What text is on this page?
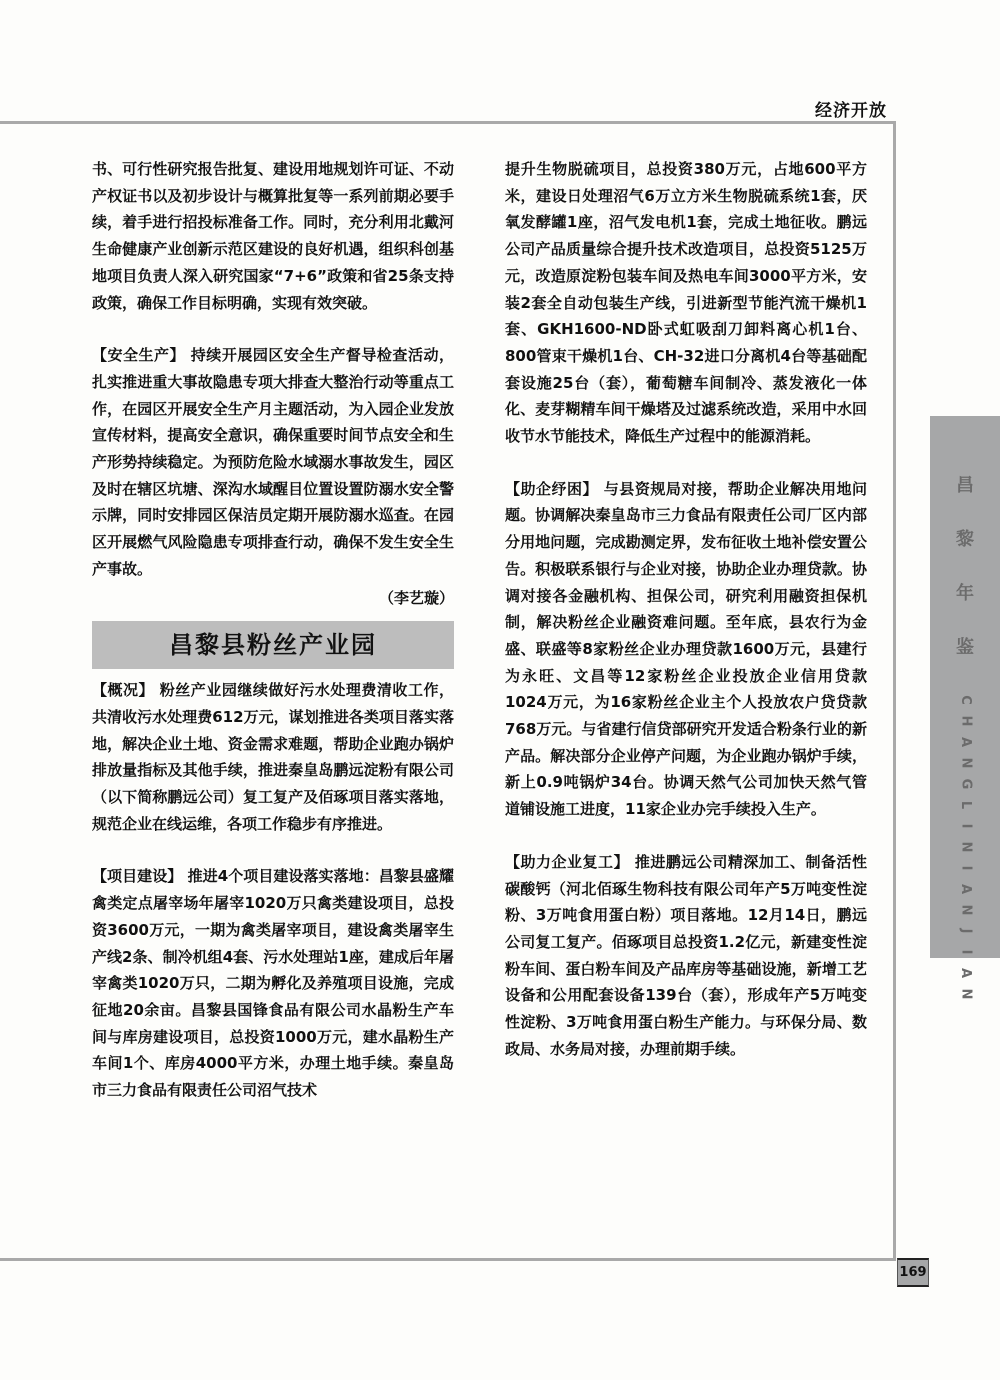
经济开放

书、可行性研究报告批复、建设用地规划许可证、不动产权证书以及初步设计与概算批复等一系列前期必要手续，着手进行招投标准备工作。同时，充分利用北戴河生命健康产业创新示范区建设的良好机遇，组织科创基地项目负责人深入研究国家“7+6”政策和省25条支持政策，确保工作目标明确，实现有效突破。

【安全生产】 持续开展园区安全生产督导检查活动，扎实推进重大事故隐患专项大排查大整治行动等重点工作，在园区开展安全生产月主题活动，为入园企业发放宣传材料，提高安全意识，确保重要时间节点安全和生产形势持续稳定。为预防危险水域溺水事故发生，园区及时在辖区坑塘、深沟水域醒目位置设置防溺水安全警示牌，同时安排园区保洁员定期开展防溺水巡查。在园区开展燃气风险隐患专项排查行动，确保不发生安全生产事故。

（李艺璇）

昌黎县粉丝产业园

【概况】 粉丝产业园继续做好污水处理费清收工作，共清收污水处理费612万元，谋划推进各类项目落实落地，解决企业土地、资金需求难题，帮助企业跑办锅炉排放量指标及其他手续，推进秦皇岛鹏远淀粉有限公司（以下简称鹏远公司）复工复产及佰琢项目落实落地，规范企业在线运维，各项工作稳步有序推进。

【项目建设】 推进4个项目建设落实落地：昌黎县盛耀禽类定点屠宰场年屠宰1020万只禽类建设项目，总投资3600万元，一期为禽类屠宰项目，建设禽类屠宰生产线2条、制冷机组4套、污水处理站1座，建成后年屠宰禽类1020万只，二期为孵化及养殖项目设施，完成征地20余亩。昌黎县国锋食品有限公司水晶粉生产车间与库房建设项目，总投资1000万元，建水晶粉生产车间1个、库房4000平方米，办理土地手续。秦皇岛市三力食品有限责任公司沼气技术

提升生物脱硫项目，总投资380万元，占地600平方米，建设日处理沼气6万立方米生物脱硫系统1套，厌氧发酵罐1座，沼气发电机1套，完成土地征收。鹏远公司产品质量综合提升技术改造项目，总投资5125万元，改造原淀粉包装车间及热电车间3000平方米，安装2套全自动包装生产线，引进新型节能汽流干燥机1套、GKH1600-ND卧式虹吸刮刀卸料离心机1台、800管束干燥机1台、CH-32进口分离机4台等基础配套设施25台（套），葡萄糖车间制冷、蒸发液化一体化、麦芽糊精车间干燥塔及过滤系统改造，采用中水回收节水节能技术，降低生产过程中的能源消耗。

【助企纾困】 与县资规局对接，帮助企业解决用地问题。协调解决秦皇岛市三力食品有限责任公司厂区内部分用地问题，完成勘测定界，发布征收土地补偿安置公告。积极联系银行与企业对接，协助企业办理贷款。协调对接各金融机构、担保公司，研究利用融资担保机制，解决粉丝企业融资难问题。至年底，县农行为金盛、联盛等8家粉丝企业办理贷款1600万元，县建行为永旺、文昌等12家粉丝企业投放企业信用贷款1024万元，为16家粉丝企业主个人投放农户贷贷款768万元。与省建行信贷部研究开发适合粉条行业的新产品。解决部分企业停产问题，为企业跑办锅炉手续，新上0.9吨锅炉34台。协调天然气公司加快天然气管道铺设施工进度，11家企业办完手续投入生产。

【助力企业复工】 推进鹏远公司精深加工、制备活性碳酸钙（河北佰琢生物科技有限公司年产5万吨变性淀粉、3万吨食用蛋白粉）项目落地。12月14日，鹏远公司复工复产。佰琢项目总投资1.2亿元，新建变性淀粉车间、蛋白粉车间及产品库房等基础设施，新增工艺设备和公用配套设备139台（套），形成年产5万吨变性淀粉、3万吨食用蛋白粉生产能力。与环保分局、数政局、水务局对接，办理前期手续。

昌
黎
年
鉴
C
H
A
N
G
L
I
N
I
A
N
J
I
A
N
169
